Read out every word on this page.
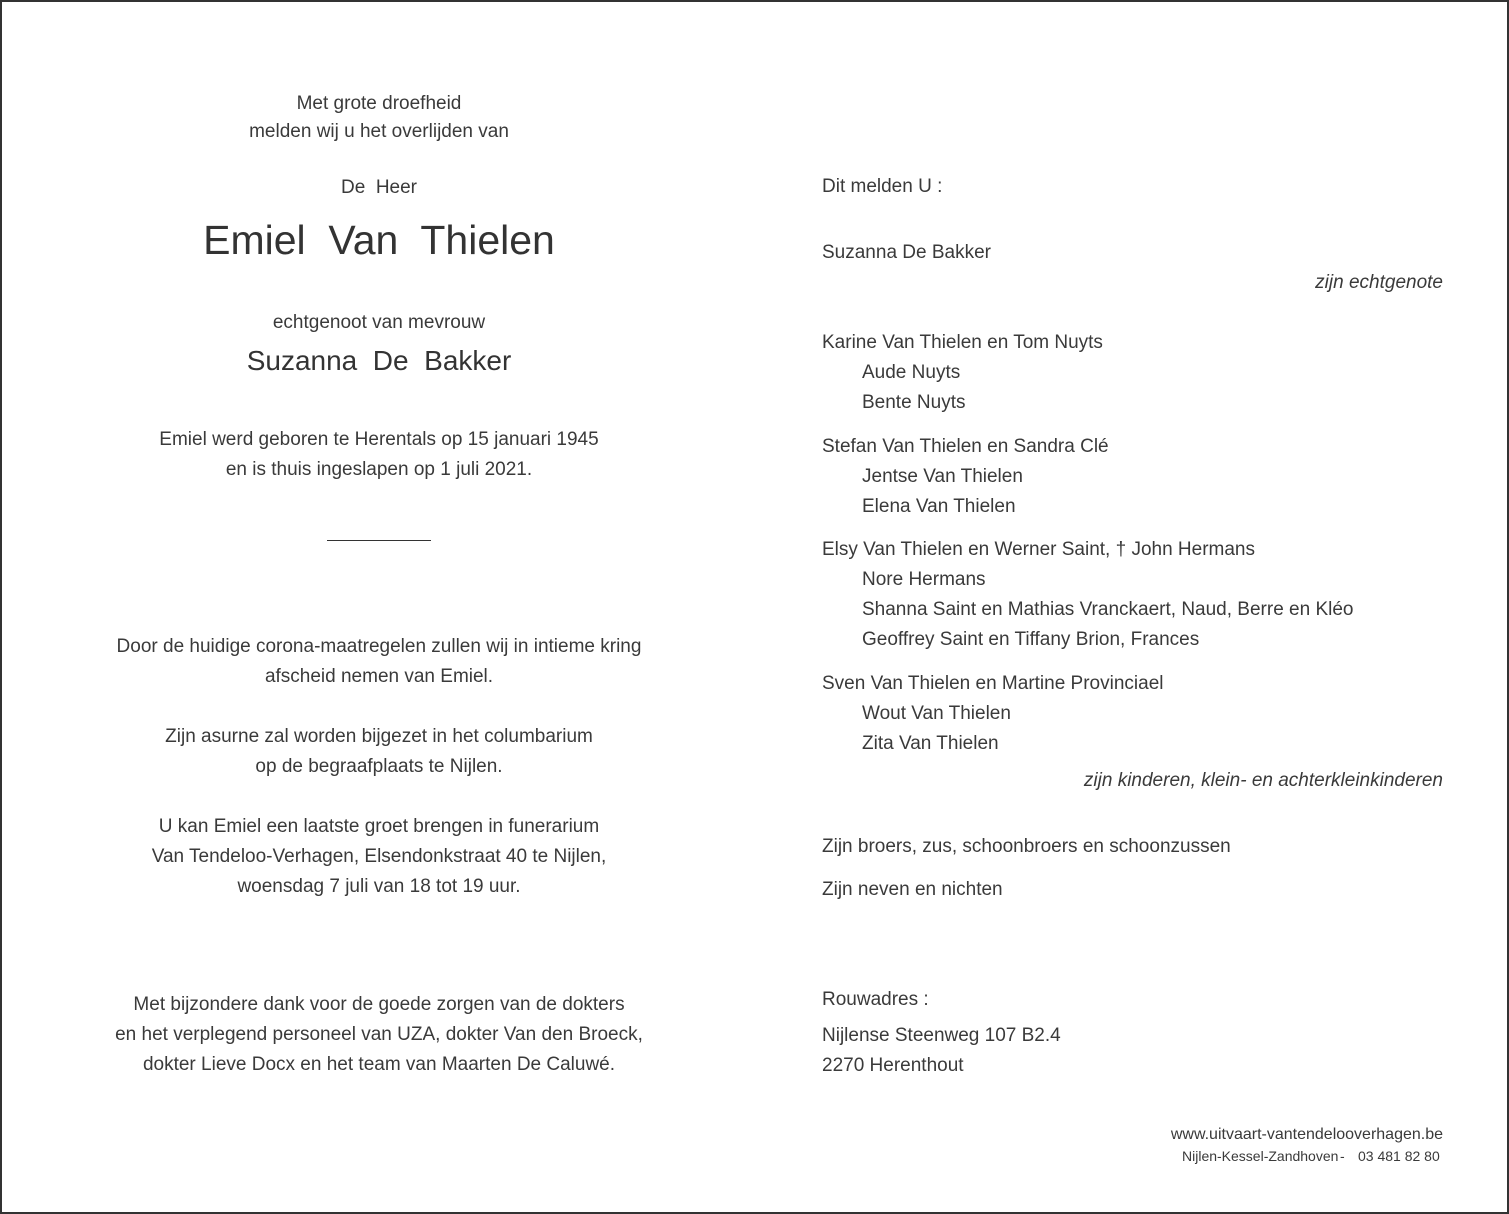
Met grote droefheid
melden wij u het overlijden van
De  Heer
Emiel  Van  Thielen
echtgenoot van mevrouw
Suzanna  De  Bakker
Emiel werd geboren te Herentals op 15 januari 1945
en is thuis ingeslapen op 1 juli 2021.
Door de huidige corona-maatregelen zullen wij in intieme kring
afscheid nemen van Emiel.
Zijn asurne zal worden bijgezet in het columbarium
op de begraafplaats te Nijlen.
U kan Emiel een laatste groet brengen in funerarium
Van Tendeloo-Verhagen, Elsendonkstraat 40 te Nijlen,
woensdag 7 juli van 18 tot 19 uur.
Met bijzondere dank voor de goede zorgen van de dokters
en het verplegend personeel van UZA, dokter Van den Broeck,
dokter Lieve Docx en het team van Maarten De Caluwé.
Dit melden U :
Suzanna De Bakker
zijn echtgenote
Karine Van Thielen en Tom Nuyts
Aude Nuyts
Bente Nuyts
Stefan Van Thielen en Sandra Clé
Jentse Van Thielen
Elena Van Thielen
Elsy Van Thielen en Werner Saint, † John Hermans
Nore Hermans
Shanna Saint en Mathias Vranckaert, Naud, Berre en Kléo
Geoffrey Saint en Tiffany Brion, Frances
Sven Van Thielen en Martine Provinciael
Wout Van Thielen
Zita Van Thielen
zijn kinderen, klein- en achterkleinkinderen
Zijn broers, zus, schoonbroers en schoonzussen
Zijn neven en nichten
Rouwadres :
Nijlense Steenweg 107 B2.4
2270 Herenthout
www.uitvaart-vantendelooverhagen.be
Nijlen-Kessel-Zandhoven - 03 481 82 80
